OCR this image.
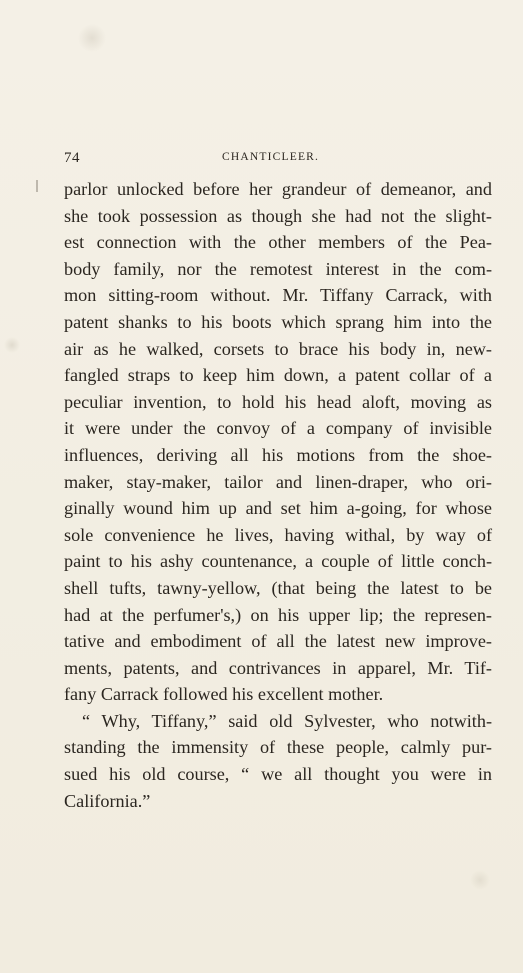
74	CHANTICLEER.
parlor unlocked before her grandeur of demeanor, and
she took possession as though she had not the slight-
est connection with the other members of the Pea-
body family, nor the remotest interest in the com-
mon sitting-room without. Mr. Tiffany Carrack, with
patent shanks to his boots which sprang him into the
air as he walked, corsets to brace his body in, new-
fangled straps to keep him down, a patent collar of a
peculiar invention, to hold his head aloft, moving as
it were under the convoy of a company of invisible
influences, deriving all his motions from the shoe-
maker, stay-maker, tailor and linen-draper, who ori-
ginally wound him up and set him a-going, for whose
sole convenience he lives, having withal, by way of
paint to his ashy countenance, a couple of little conch-
shell tufts, tawny-yellow, (that being the latest to be
had at the perfumer's,) on his upper lip; the represen-
tative and embodiment of all the latest new improve-
ments, patents, and contrivances in apparel, Mr. Tif-
fany Carrack followed his excellent mother.
“ Why, Tiffany,” said old Sylvester, who notwith-
standing the immensity of these people, calmly pur-
sued his old course, “ we all thought you were in
California.”
